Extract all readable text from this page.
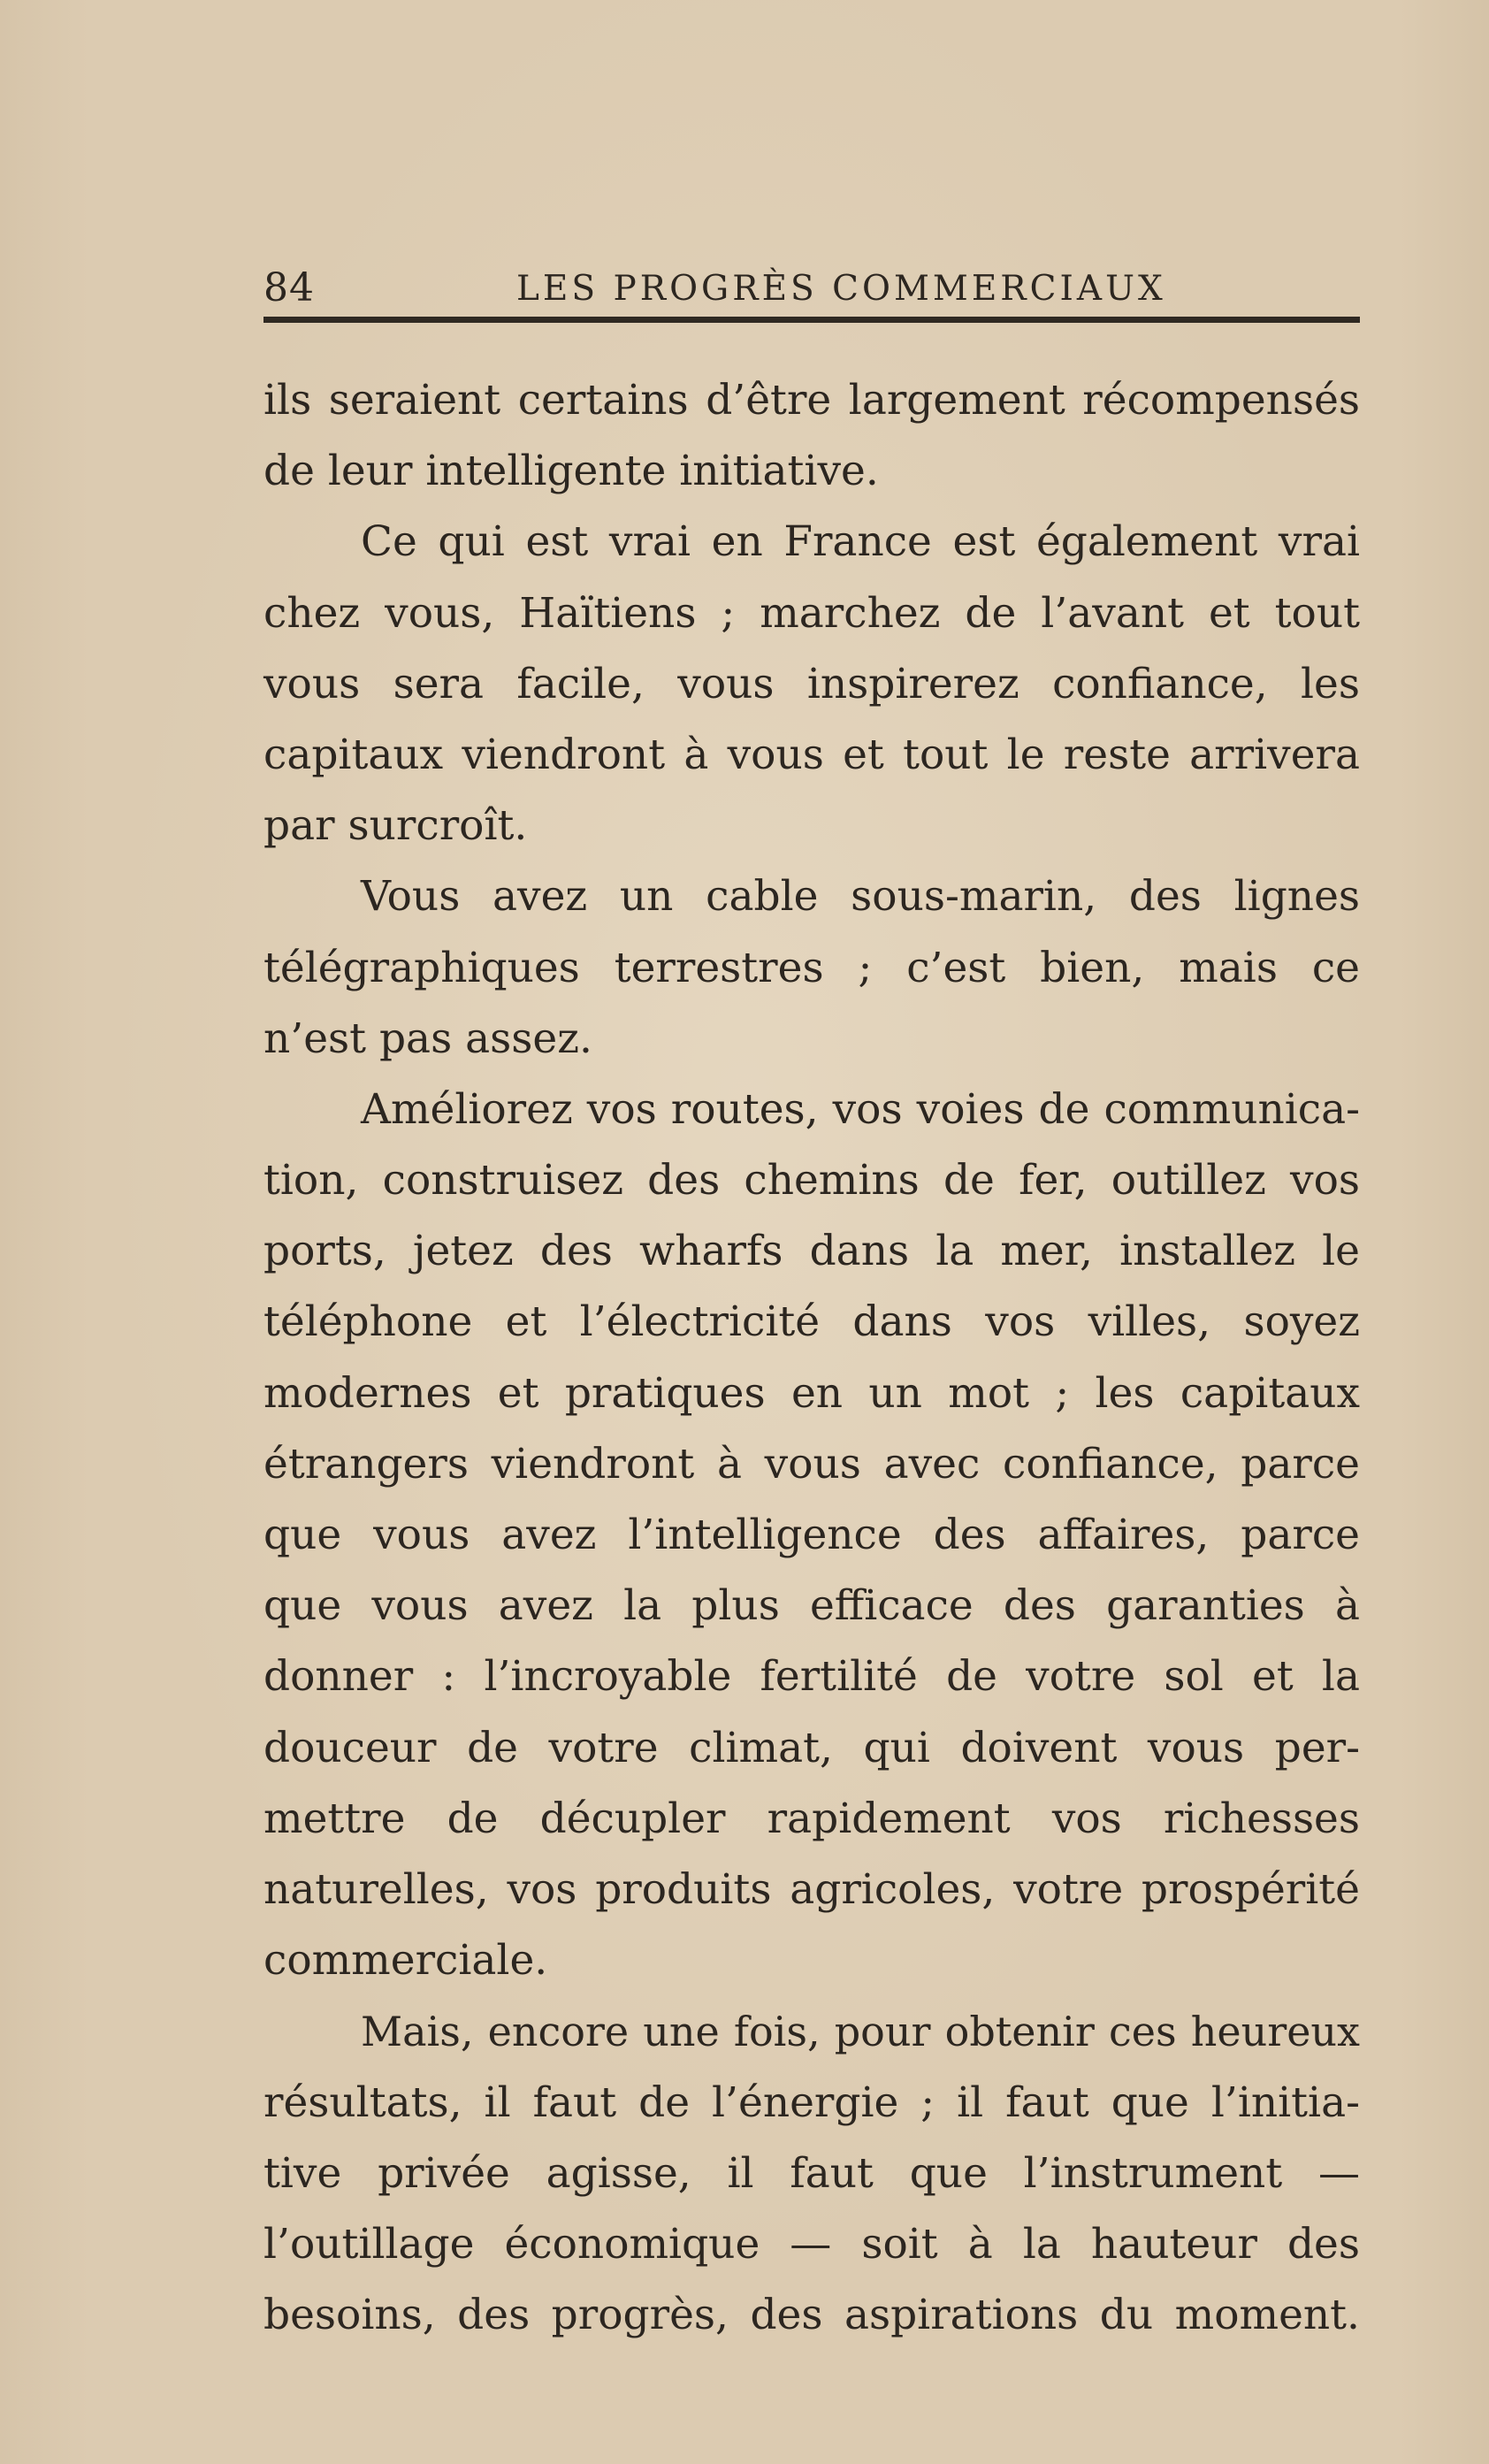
84	LES PROGRÈS COMMERCIAUX
ils seraient certains d’être largement récompensés
de leur intelligente initiative.
Ce qui est vrai en France est également vrai
chez vous, Haïtiens ; marchez de l’avant et tout
vous sera facile, vous inspirerez confiance, les
capitaux viendront à vous et tout le reste arrivera
par surcroît.
Vous avez un cable sous-marin, des lignes
télégraphiques terrestres ; c’est bien, mais ce
n’est pas assez.
Améliorez vos routes, vos voies de communica-
tion, construisez des chemins de fer, outillez vos
ports, jetez des wharfs dans la mer, installez le
téléphone et l’électricité dans vos villes, soyez
modernes et pratiques en un mot ; les capitaux
étrangers viendront à vous avec confiance, parce
que vous avez l’intelligence des affaires, parce
que vous avez la plus efficace des garanties à
donner : l’incroyable fertilité de votre sol et la
douceur de votre climat, qui doivent vous per-
mettre de décupler rapidement vos richesses
naturelles, vos produits agricoles, votre prospérité
commerciale.
Mais, encore une fois, pour obtenir ces heureux
résultats, il faut de l’énergie ; il faut que l’initia-
tive privée agisse, il faut que l’instrument —
l’outillage économique — soit à la hauteur des
besoins, des progrès, des aspirations du moment.
